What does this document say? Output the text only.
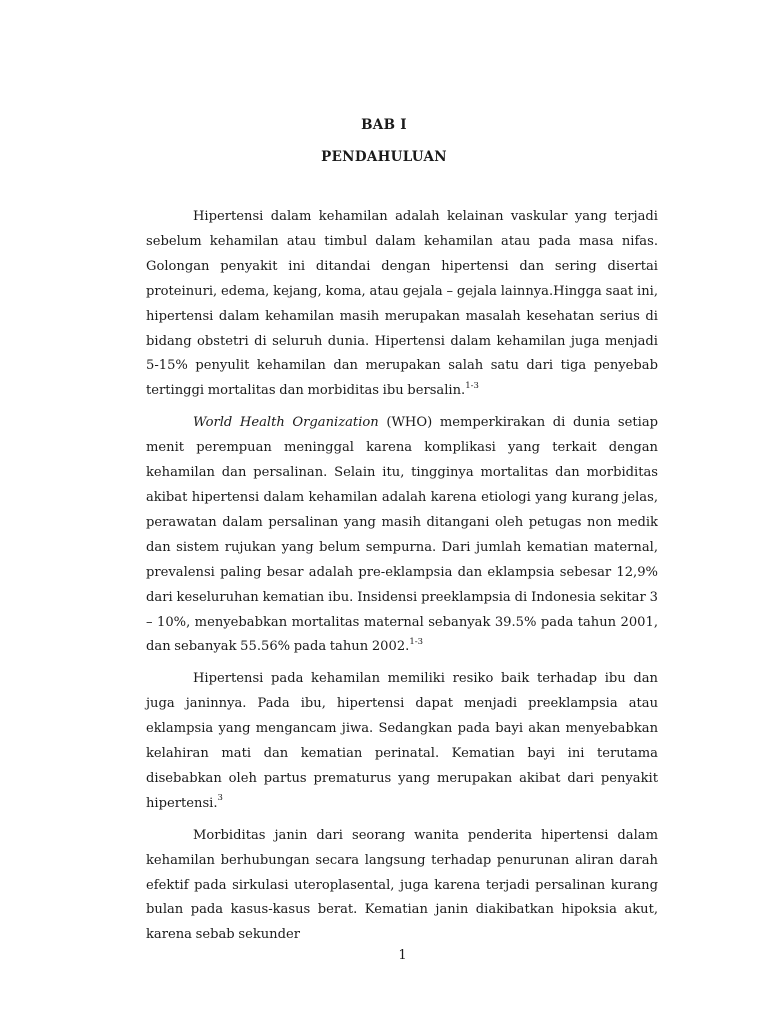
BAB I
PENDAHULUAN

Hipertensi dalam kehamilan adalah kelainan vaskular yang terjadi sebelum kehamilan atau timbul dalam kehamilan atau pada masa nifas. Golongan penyakit ini ditandai dengan hipertensi dan sering disertai proteinuri, edema, kejang, koma, atau gejala – gejala lainnya.Hingga saat ini, hipertensi dalam kehamilan masih merupakan masalah kesehatan serius di bidang obstetri di seluruh dunia. Hipertensi dalam kehamilan juga menjadi 5-15% penyulit kehamilan dan merupakan salah satu dari tiga penyebab tertinggi mortalitas dan morbiditas ibu bersalin.$^{1-3}$

World Health Organization (WHO) memperkirakan di dunia setiap menit perempuan meninggal karena komplikasi yang terkait dengan kehamilan dan persalinan. Selain itu, tingginya mortalitas dan morbiditas akibat hipertensi dalam kehamilan adalah karena etiologi yang kurang jelas, perawatan dalam persalinan yang masih ditangani oleh petugas non medik dan sistem rujukan yang belum sempurna. Dari jumlah kematian maternal, prevalensi paling besar adalah pre-eklampsia dan eklampsia sebesar 12,9% dari keseluruhan kematian ibu. Insidensi preeklampsia di Indonesia sekitar 3 – 10%, menyebabkan mortalitas maternal sebanyak 39.5% pada tahun 2001, dan sebanyak 55.56% pada tahun 2002.$^{1-3}$

Hipertensi pada kehamilan memiliki resiko baik terhadap ibu dan juga janinnya. Pada ibu, hipertensi dapat menjadi preeklampsia atau eklampsia yang mengancam jiwa. Sedangkan pada bayi akan menyebabkan kelahiran mati dan kematian perinatal. Kematian bayi ini terutama disebabkan oleh partus prematurus yang merupakan akibat dari penyakit hipertensi.$^3$

Morbiditas janin dari seorang wanita penderita hipertensi dalam kehamilan berhubungan secara langsung terhadap penurunan aliran darah efektif pada sirkulasi uteroplasental, juga karena terjadi persalinan kurang bulan pada kasus-kasus berat. Kematian janin diakibatkan hipoksia akut, karena sebab sekunder

1
